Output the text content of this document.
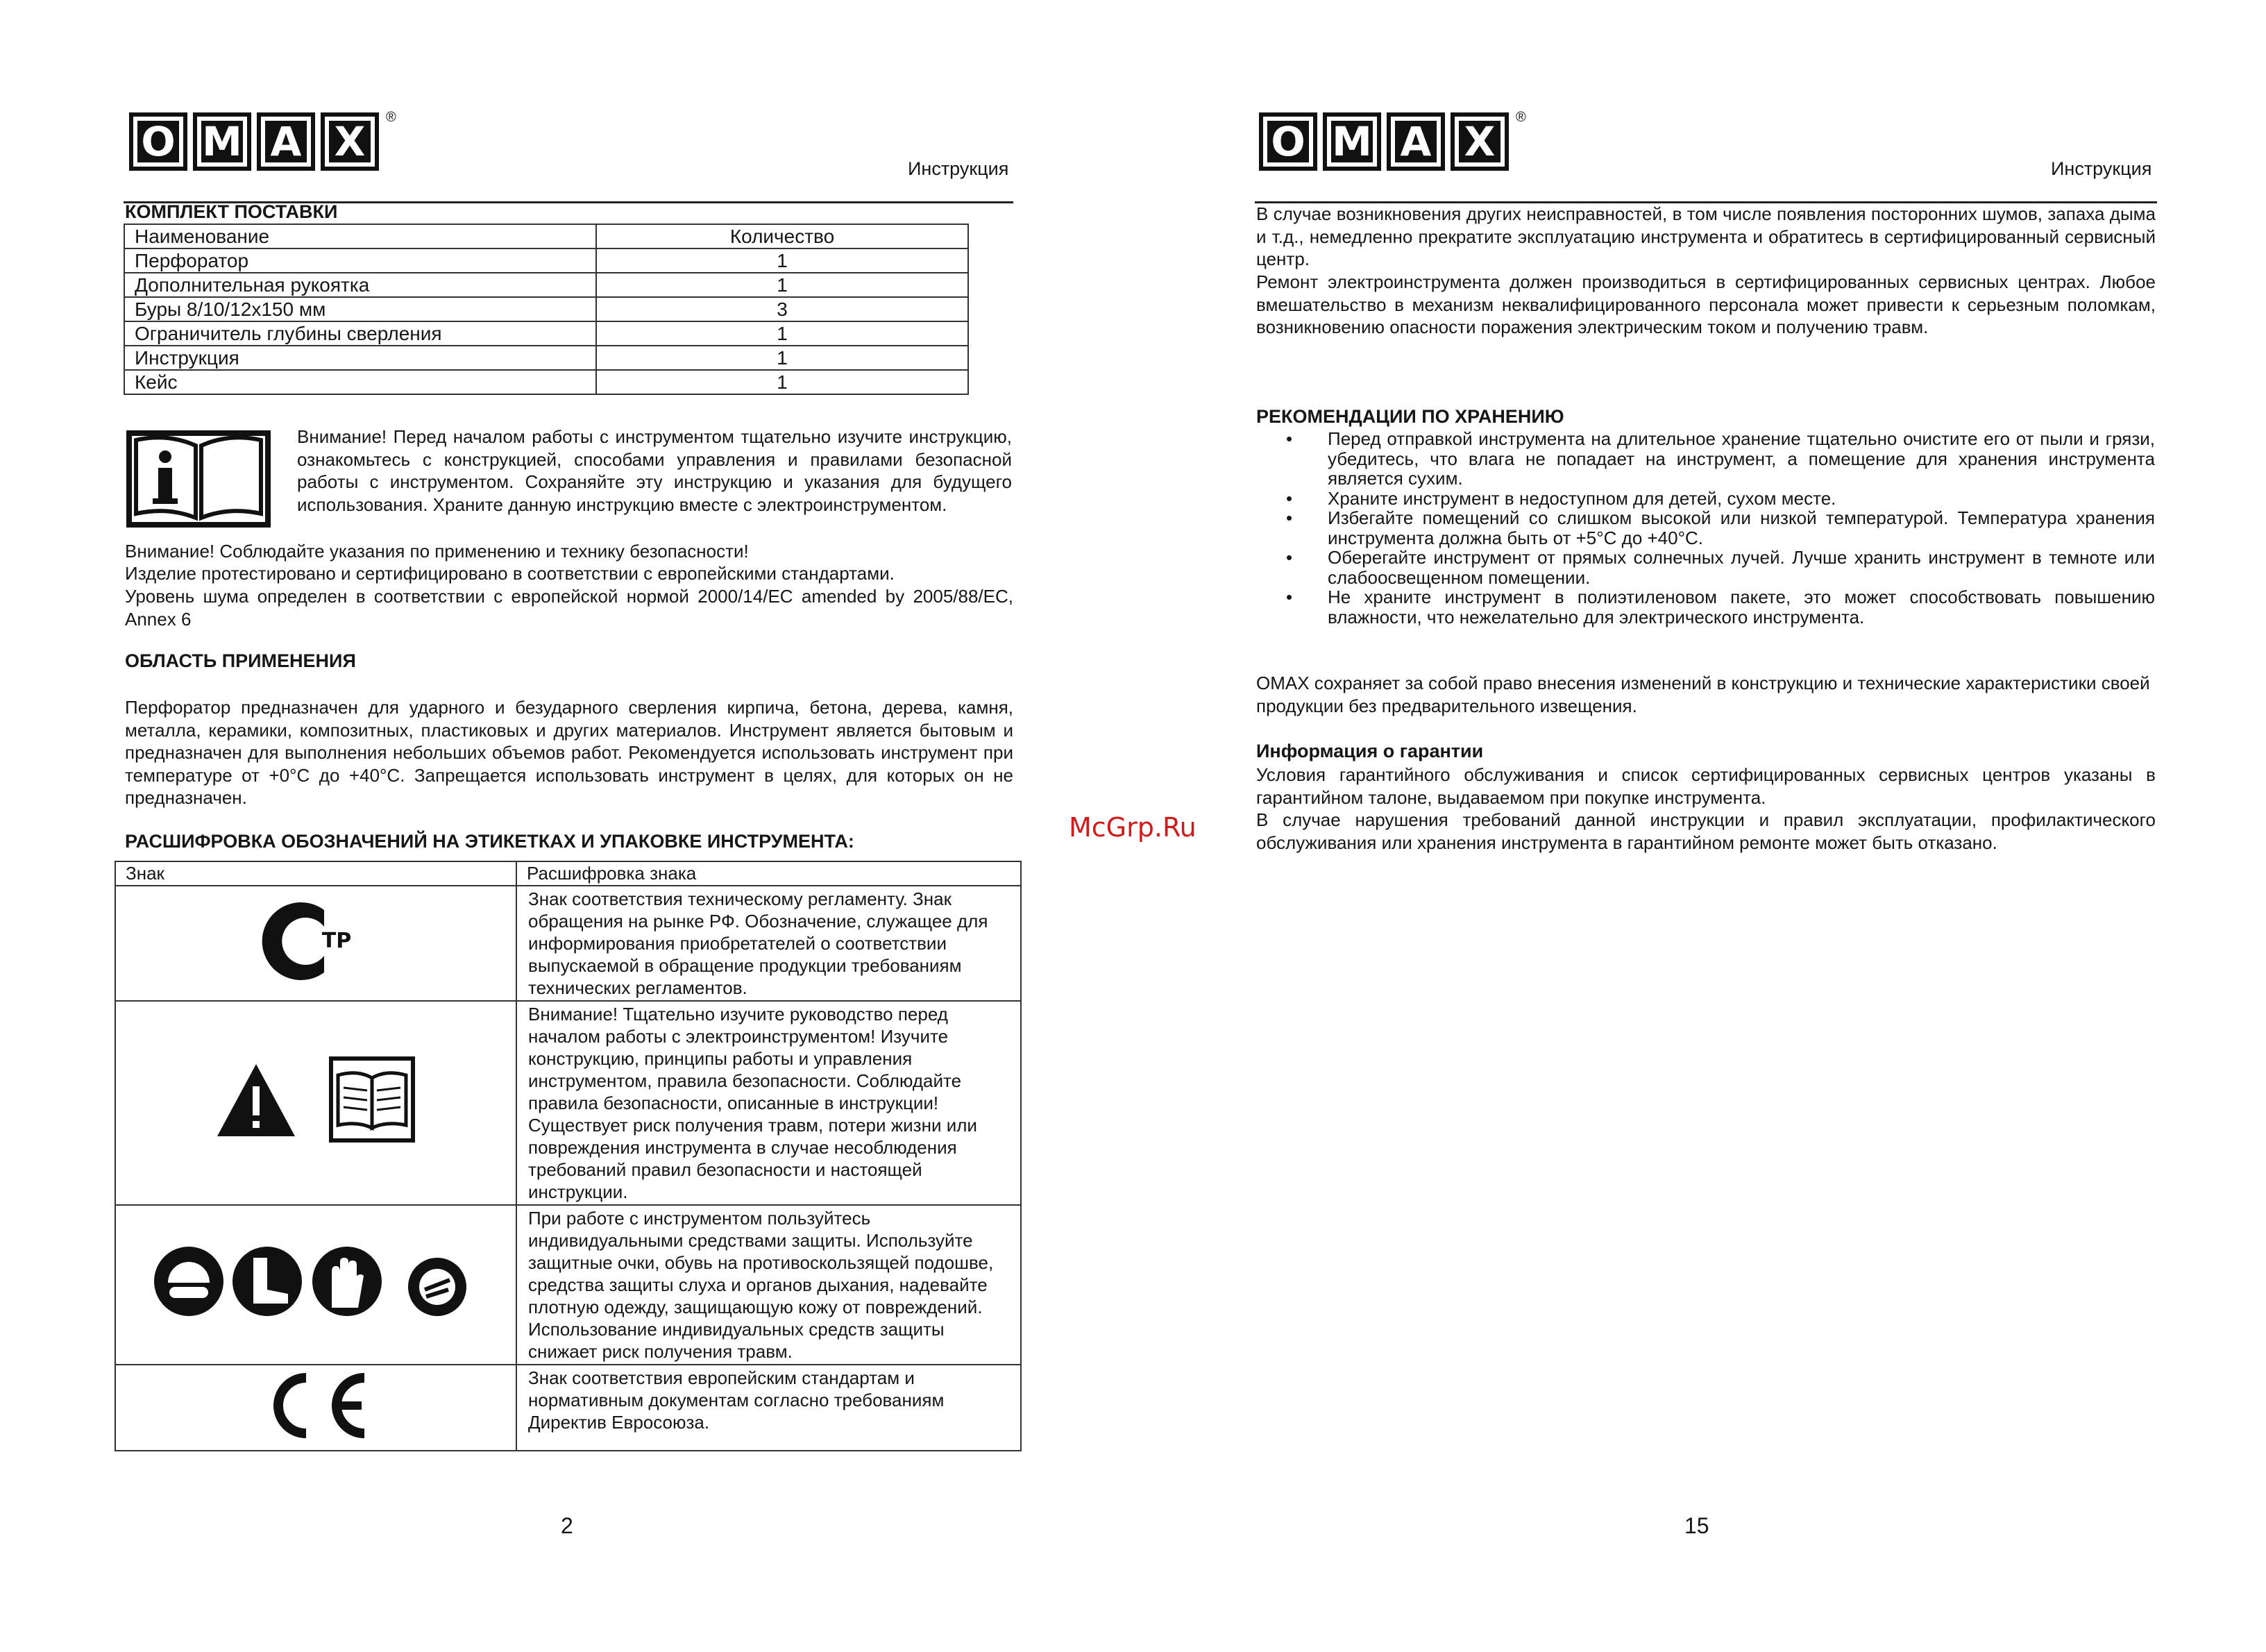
O M A X
®
Инструкция
КОМПЛЕКТ ПОСТАВКИ
Наименование	Количество
Перфоратор	1
Дополнительная рукоятка	1
Буры 8/10/12x150 мм	3
Ограничитель глубины сверления	1
Инструкция	1
Кейс	1
Внимание! Перед началом работы с инструментом тщательно изучите инструкцию, ознакомьтесь с конструкцией, способами управления и правилами безопасной работы с инструментом. Сохраняйте эту инструкцию и указания для будущего использования. Храните данную инструкцию вместе с электроинструментом.
Внимание! Соблюдайте указания по применению и технику безопасности!
Изделие протестировано и сертифицировано в соответствии с европейскими стандартами.
Уровень шума определен в соответствии с европейской нормой 2000/14/EC amended by 2005/88/EC, Annex 6
ОБЛАСТЬ ПРИМЕНЕНИЯ
Перфоратор предназначен для ударного и безударного сверления кирпича, бетона, дерева, камня, металла, керамики, композитных, пластиковых и других материалов. Инструмент является бытовым и предназначен для выполнения небольших объемов работ. Рекомендуется использовать инструмент при температуре от +0°С до +40°С. Запрещается использовать инструмент в целях, для которых он не предназначен.
РАСШИФРОВКА ОБОЗНАЧЕНИЙ НА ЭТИКЕТКАХ И УПАКОВКЕ ИНСТРУМЕНТА:
Знак	Расшифровка знака

ТР	Знак соответствия техническому регламенту. Знак обращения на рынке РФ. Обозначение, служащее для информирования приобретателей о соответствии выпускаемой в обращение продукции требованиям технических регламентов.
	Внимание! Тщательно изучите руководство перед началом работы с электроинструментом! Изучите конструкцию, принципы работы и управления инструментом, правила безопасности. Соблюдайте правила безопасности, описанные в инструкции! Существует риск получения травм, потери жизни или повреждения инструмента в случае несоблюдения требований правил безопасности и настоящей инструкции.
	При работе с инструментом пользуйтесь индивидуальными средствами защиты. Используйте защитные очки, обувь на противоскользящей подошве, средства защиты слуха и органов дыхания, надевайте плотную одежду, защищающую кожу от повреждений. Использование индивидуальных средств защиты снижает риск получения травм.
	Знак соответствия европейским стандартам и нормативным документам согласно требованиям Директив Евросоюза.
2
O M A X
®
Инструкция
В случае возникновения других неисправностей, в том числе появления посторонних шумов, запаха дыма и т.д., немедленно прекратите эксплуатацию инструмента и обратитесь в сертифицированный сервисный центр.
Ремонт электроинструмента должен производиться в сертифицированных сервисных центрах. Любое вмешательство в механизм неквалифицированного персонала может привести к серьезным поломкам, возникновению опасности поражения электрическим током и получению травм.
РЕКОМЕНДАЦИИ ПО ХРАНЕНИЮ
• Перед отправкой инструмента на длительное хранение тщательно очистите его от пыли и грязи, убедитесь, что влага не попадает на инструмент, а помещение для хранения инструмента является сухим.
• Храните инструмент в недоступном для детей, сухом месте.
• Избегайте помещений со слишком высокой или низкой температурой. Температура хранения инструмента должна быть от +5°С до +40°С.
• Оберегайте инструмент от прямых солнечных лучей. Лучше хранить инструмент в темноте или слабоосвещенном помещении.
• Не храните инструмент в полиэтиленовом пакете, это может способствовать повышению влажности, что нежелательно для электрического инструмента.
OMAX сохраняет за собой право внесения изменений в конструкцию и технические характеристики своей продукции без предварительного извещения.
Информация о гарантии
Условия гарантийного обслуживания и список сертифицированных сервисных центров указаны в гарантийном талоне, выдаваемом при покупке инструмента.
В случае нарушения требований данной инструкции и правил эксплуатации, профилактического обслуживания или хранения инструмента в гарантийном ремонте может быть отказано.
15
McGrp.Ru
